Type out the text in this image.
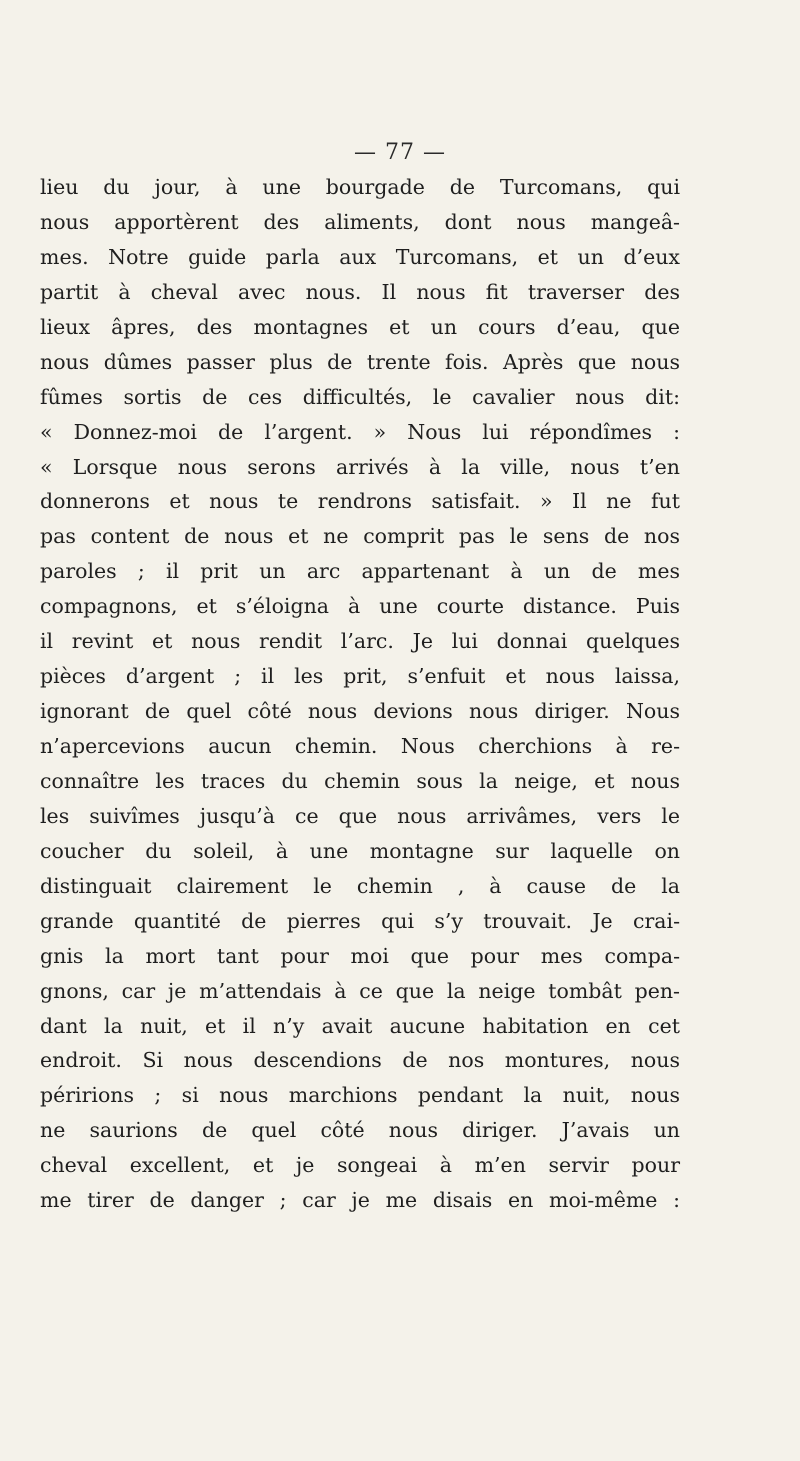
— 77 —
lieu du jour, à une bourgade de Turcomans, qui
nous apportèrent des aliments, dont nous mangeâ-
mes. Notre guide parla aux Turcomans, et un d’eux
partit à cheval avec nous. Il nous fit traverser des
lieux âpres, des montagnes et un cours d’eau, que
nous dûmes passer plus de trente fois. Après que nous
fûmes sortis de ces difficultés, le cavalier nous dit:
« Donnez-moi de l’argent. » Nous lui répondîmes :
« Lorsque nous serons arrivés à la ville, nous t’en
donnerons et nous te rendrons satisfait. » Il ne fut
pas content de nous et ne comprit pas le sens de nos
paroles ; il prit un arc appartenant à un de mes
compagnons, et s’éloigna à une courte distance. Puis
il revint et nous rendit l’arc. Je lui donnai quelques
pièces d’argent ; il les prit, s’enfuit et nous laissa,
ignorant de quel côté nous devions nous diriger. Nous
n’apercevions aucun chemin. Nous cherchions à re-
connaître les traces du chemin sous la neige, et nous
les suivîmes jusqu’à ce que nous arrivâmes, vers le
coucher du soleil, à une montagne sur laquelle on
distinguait clairement le chemin , à cause de la
grande quantité de pierres qui s’y trouvait. Je crai-
gnis la mort tant pour moi que pour mes compa-
gnons, car je m’attendais à ce que la neige tombât pen-
dant la nuit, et il n’y avait aucune habitation en cet
endroit. Si nous descendions de nos montures, nous
péririons ; si nous marchions pendant la nuit, nous
ne saurions de quel côté nous diriger. J’avais un
cheval excellent, et je songeai à m’en servir pour
me tirer de danger ; car je me disais en moi-même :
